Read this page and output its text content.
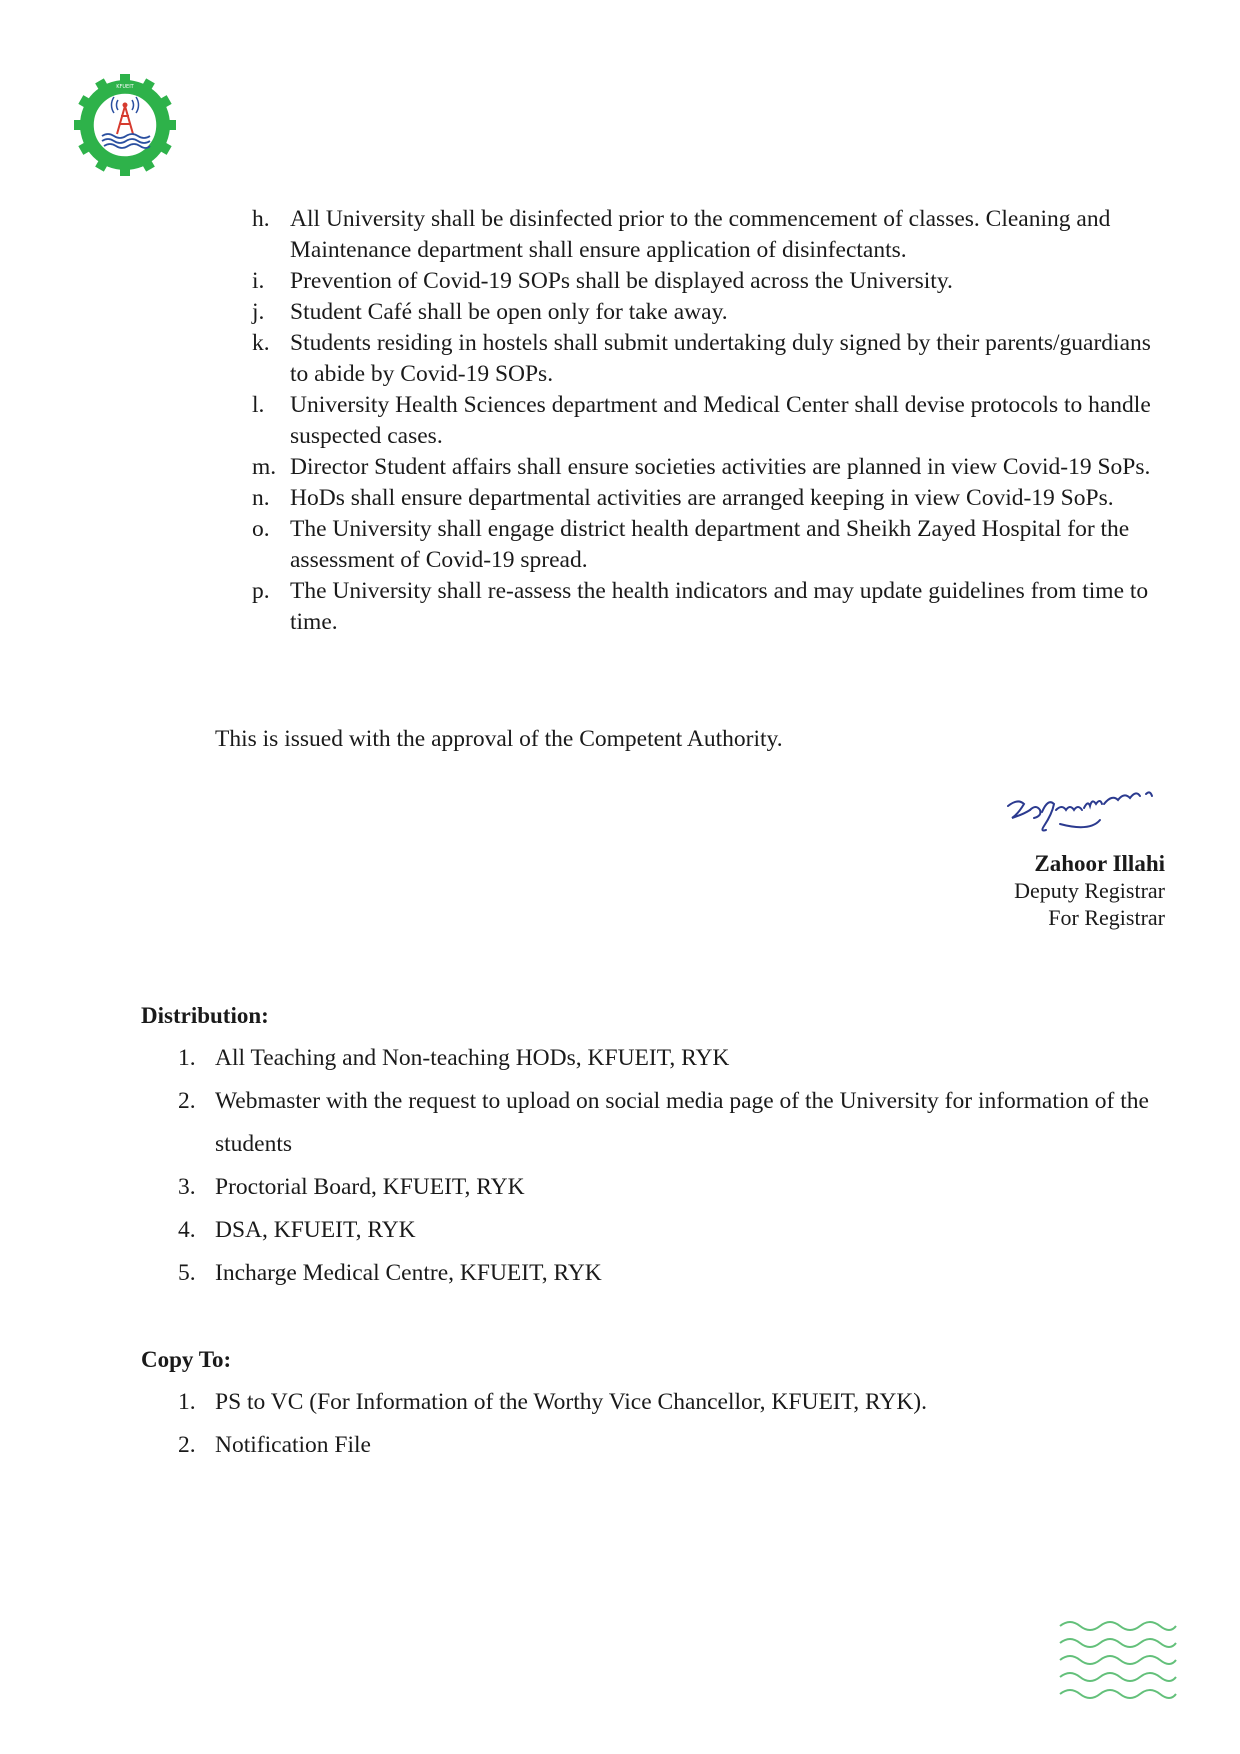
KFUEIT
h. All University shall be disinfected prior to the commencement of classes. Cleaning and Maintenance department shall ensure application of disinfectants.
i. Prevention of Covid-19 SOPs shall be displayed across the University.
j. Student Café shall be open only for take away.
k. Students residing in hostels shall submit undertaking duly signed by their parents/guardians to abide by Covid-19 SOPs.
l. University Health Sciences department and Medical Center shall devise protocols to handle suspected cases.
m. Director Student affairs shall ensure societies activities are planned in view Covid-19 SoPs.
n. HoDs shall ensure departmental activities are arranged keeping in view Covid-19 SoPs.
o. The University shall engage district health department and Sheikh Zayed Hospital for the assessment of Covid-19 spread.
p. The University shall re-assess the health indicators and may update guidelines from time to time.
This is issued with the approval of the Competent Authority.
Zahoor Illahi
Deputy Registrar
For Registrar
Distribution:
1. All Teaching and Non-teaching HODs, KFUEIT, RYK
2. Webmaster with the request to upload on social media page of the University for information of the students
3. Proctorial Board, KFUEIT, RYK
4. DSA, KFUEIT, RYK
5. Incharge Medical Centre, KFUEIT, RYK
Copy To:
1. PS to VC (For Information of the Worthy Vice Chancellor, KFUEIT, RYK).
2. Notification File
